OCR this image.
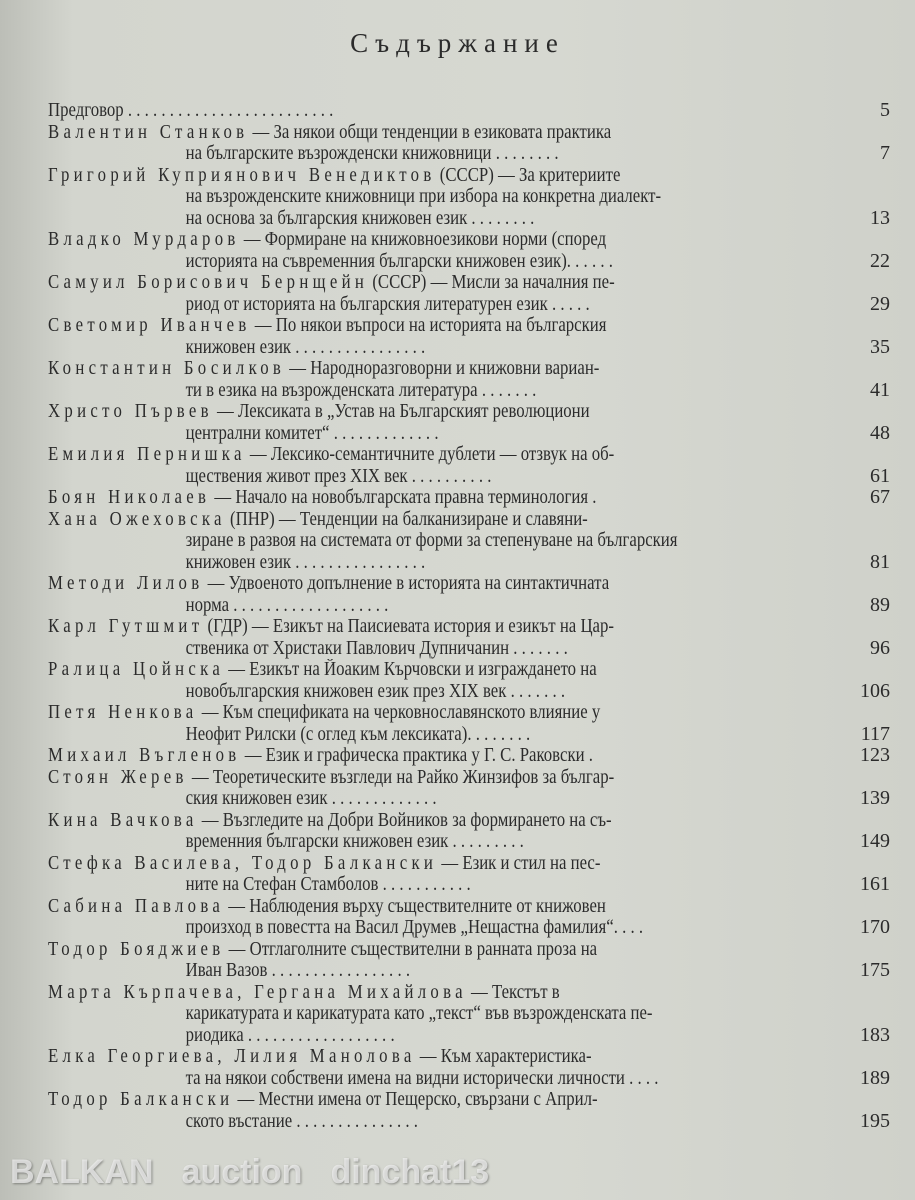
Съдържание
Предговор . . . . . . . . . . . . . . . . . . . . . . . . .	5
Валентин Станков — За някои общи тенденции в езиковата практика
на българските възрожденски книжовници . . . . . . . .	7
Григорий Куприянович Венедиктов (СССР) — За критериите
на възрожденските книжовници при избора на конкретна диалект-
на основа за българския книжовен език . . . . . . . .	13
Владко Мурдаров — Формиране на книжовноезикови норми (според
историята на съвременния български книжовен език). . . . . .	22
Самуил Борисович Бернщейн (СССР) — Мисли за началния пе-
риод от историята на българския литературен език . . . . .	29
Светомир Иванчев — По някои въпроси на историята на българския
книжовен език . . . . . . . . . . . . . . . .	35
Константин Босилков — Народноразговорни и книжовни вариан-
ти в езика на възрожденската литература . . . . . . .	41
Христо Първев — Лексиката в „Устав на Българският революциони
централни комитет“ . . . . . . . . . . . . .	48
Емилия Пернишка — Лексико-семантичните дублети — отзвук на об-
ществения живот през XIX век . . . . . . . . . .	61
Боян Николаев — Начало на новобългарската правна терминология .	67
Хана Ожеховска (ПНР) — Тенденции на балканизиране и славяни-
зиране в развоя на системата от форми за степенуване на българския
книжовен език . . . . . . . . . . . . . . . .	81
Методи Лилов — Удвоеното допълнение в историята на синтактичната
норма . . . . . . . . . . . . . . . . . . .	89
Карл Гутшмит (ГДР) — Езикът на Паисиевата история и езикът на Цар-
ственика от Христаки Павлович Дупничанин . . . . . . .	96
Ралица Цойнска — Езикът на Йоаким Кърчовски и изграждането на
новобългарския книжовен език през XIX век . . . . . . .	106
Петя Ненкова — Към спецификата на черковнославянското влияние у
Неофит Рилски (с оглед към лексиката). . . . . . . .	117
Михаил Въгленов — Език и графическа практика у Г. С. Раковски .	123
Стоян Жерев — Теоретическите възгледи на Райко Жинзифов за българ-
ския книжовен език . . . . . . . . . . . . .	139
Кина Вачкова — Възгледите на Добри Войников за формирането на съ-
временния български книжовен език . . . . . . . . .	149
Стефка Василева, Тодор Балкански — Език и стил на пес-
ните на Стефан Стамболов . . . . . . . . . . .	161
Сабина Павлова — Наблюдения върху съществителните от книжовен
произход в повестта на Васил Друмев „Нещастна фамилия“. . . .	170
Тодор Бояджиев — Отглаголните съществителни в ранната проза на
Иван Вазов . . . . . . . . . . . . . . . . .	175
Марта Кърпачева, Гергана Михайлова — Текстът в
карикатурата и карикатурата като „текст“ във възрожденската пе-
риодика . . . . . . . . . . . . . . . . . .	183
Елка Георгиева, Лилия Манолова — Към характеристика-
та на някои собствени имена на видни исторически личности . . . .	189
Тодор Балкански — Местни имена от Пещерско, свързани с Април-
ското въстание . . . . . . . . . . . . . . .	195
BALKAN auction dinchat13
